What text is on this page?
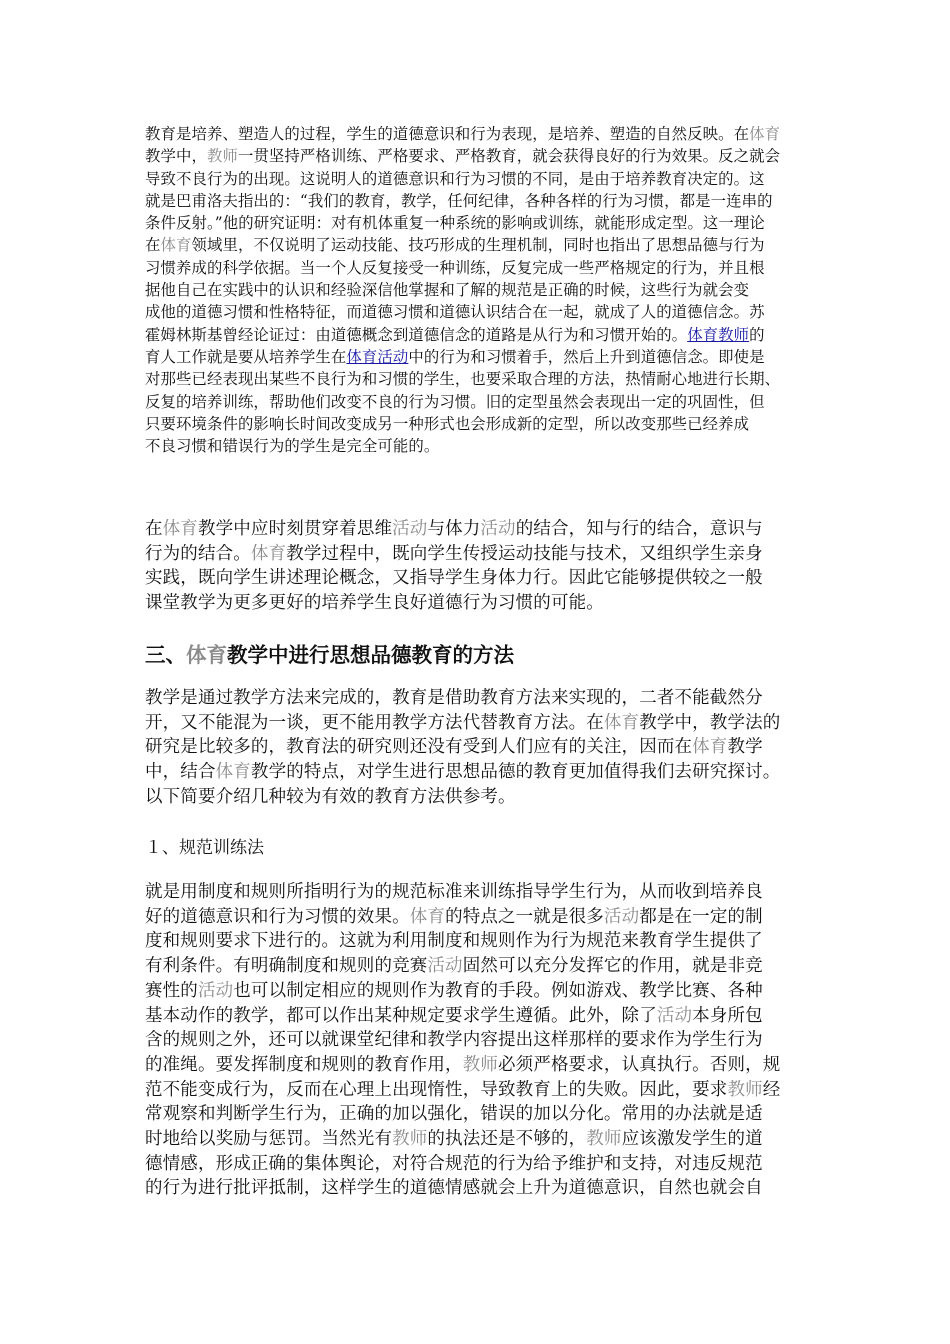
教育是培养、塑造人的过程，学生的道德意识和行为表现，是培养、塑造的自然反映。在体育
教学中，教师一贯坚持严格训练、严格要求、严格教育，就会获得良好的行为效果。反之就会
导致不良行为的出现。这说明人的道德意识和行为习惯的不同，是由于培养教育决定的。这
就是巴甫洛夫指出的：“我们的教育，教学，任何纪律，各种各样的行为习惯，都是一连串的
条件反射。”他的研究证明：对有机体重复一种系统的影响或训练，就能形成定型。这一理论
在体育领域里，不仅说明了运动技能、技巧形成的生理机制，同时也指出了思想品德与行为
习惯养成的科学依据。当一个人反复接受一种训练，反复完成一些严格规定的行为，并且根
据他自己在实践中的认识和经验深信他掌握和了解的规范是正确的时候，这些行为就会变
成他的道德习惯和性格特征，而道德习惯和道德认识结合在一起，就成了人的道德信念。苏
霍姆林斯基曾经论证过：由道德概念到道德信念的道路是从行为和习惯开始的。体育教师的
育人工作就是要从培养学生在体育活动中的行为和习惯着手，然后上升到道德信念。即使是
对那些已经表现出某些不良行为和习惯的学生，也要采取合理的方法，热情耐心地进行长期、
反复的培养训练，帮助他们改变不良的行为习惯。旧的定型虽然会表现出一定的巩固性，但
只要环境条件的影响长时间改变成另一种形式也会形成新的定型，所以改变那些已经养成
不良习惯和错误行为的学生是完全可能的。
在体育教学中应时刻贯穿着思维活动与体力活动的结合，知与行的结合，意识与
行为的结合。体育教学过程中，既向学生传授运动技能与技术，又组织学生亲身
实践，既向学生讲述理论概念，又指导学生身体力行。因此它能够提供较之一般
课堂教学为更多更好的培养学生良好道德行为习惯的可能。
三、体育教学中进行思想品德教育的方法
教学是通过教学方法来完成的，教育是借助教育方法来实现的，二者不能截然分
开，又不能混为一谈，更不能用教学方法代替教育方法。在体育教学中，教学法的
研究是比较多的，教育法的研究则还没有受到人们应有的关注，因而在体育教学
中，结合体育教学的特点，对学生进行思想品德的教育更加值得我们去研究探讨。
以下简要介绍几种较为有效的教育方法供参考。
１、规范训练法
就是用制度和规则所指明行为的规范标准来训练指导学生行为，从而收到培养良
好的道德意识和行为习惯的效果。体育的特点之一就是很多活动都是在一定的制
度和规则要求下进行的。这就为利用制度和规则作为行为规范来教育学生提供了
有利条件。有明确制度和规则的竞赛活动固然可以充分发挥它的作用，就是非竞
赛性的活动也可以制定相应的规则作为教育的手段。例如游戏、教学比赛、各种
基本动作的教学，都可以作出某种规定要求学生遵循。此外，除了活动本身所包
含的规则之外，还可以就课堂纪律和教学内容提出这样那样的要求作为学生行为
的准绳。要发挥制度和规则的教育作用，教师必须严格要求，认真执行。否则，规
范不能变成行为，反而在心理上出现惰性，导致教育上的失败。因此，要求教师经
常观察和判断学生行为，正确的加以强化，错误的加以分化。常用的办法就是适
时地给以奖励与惩罚。当然光有教师的执法还是不够的，教师应该激发学生的道
德情感，形成正确的集体舆论，对符合规范的行为给予维护和支持，对违反规范
的行为进行批评抵制，这样学生的道德情感就会上升为道德意识，自然也就会自
